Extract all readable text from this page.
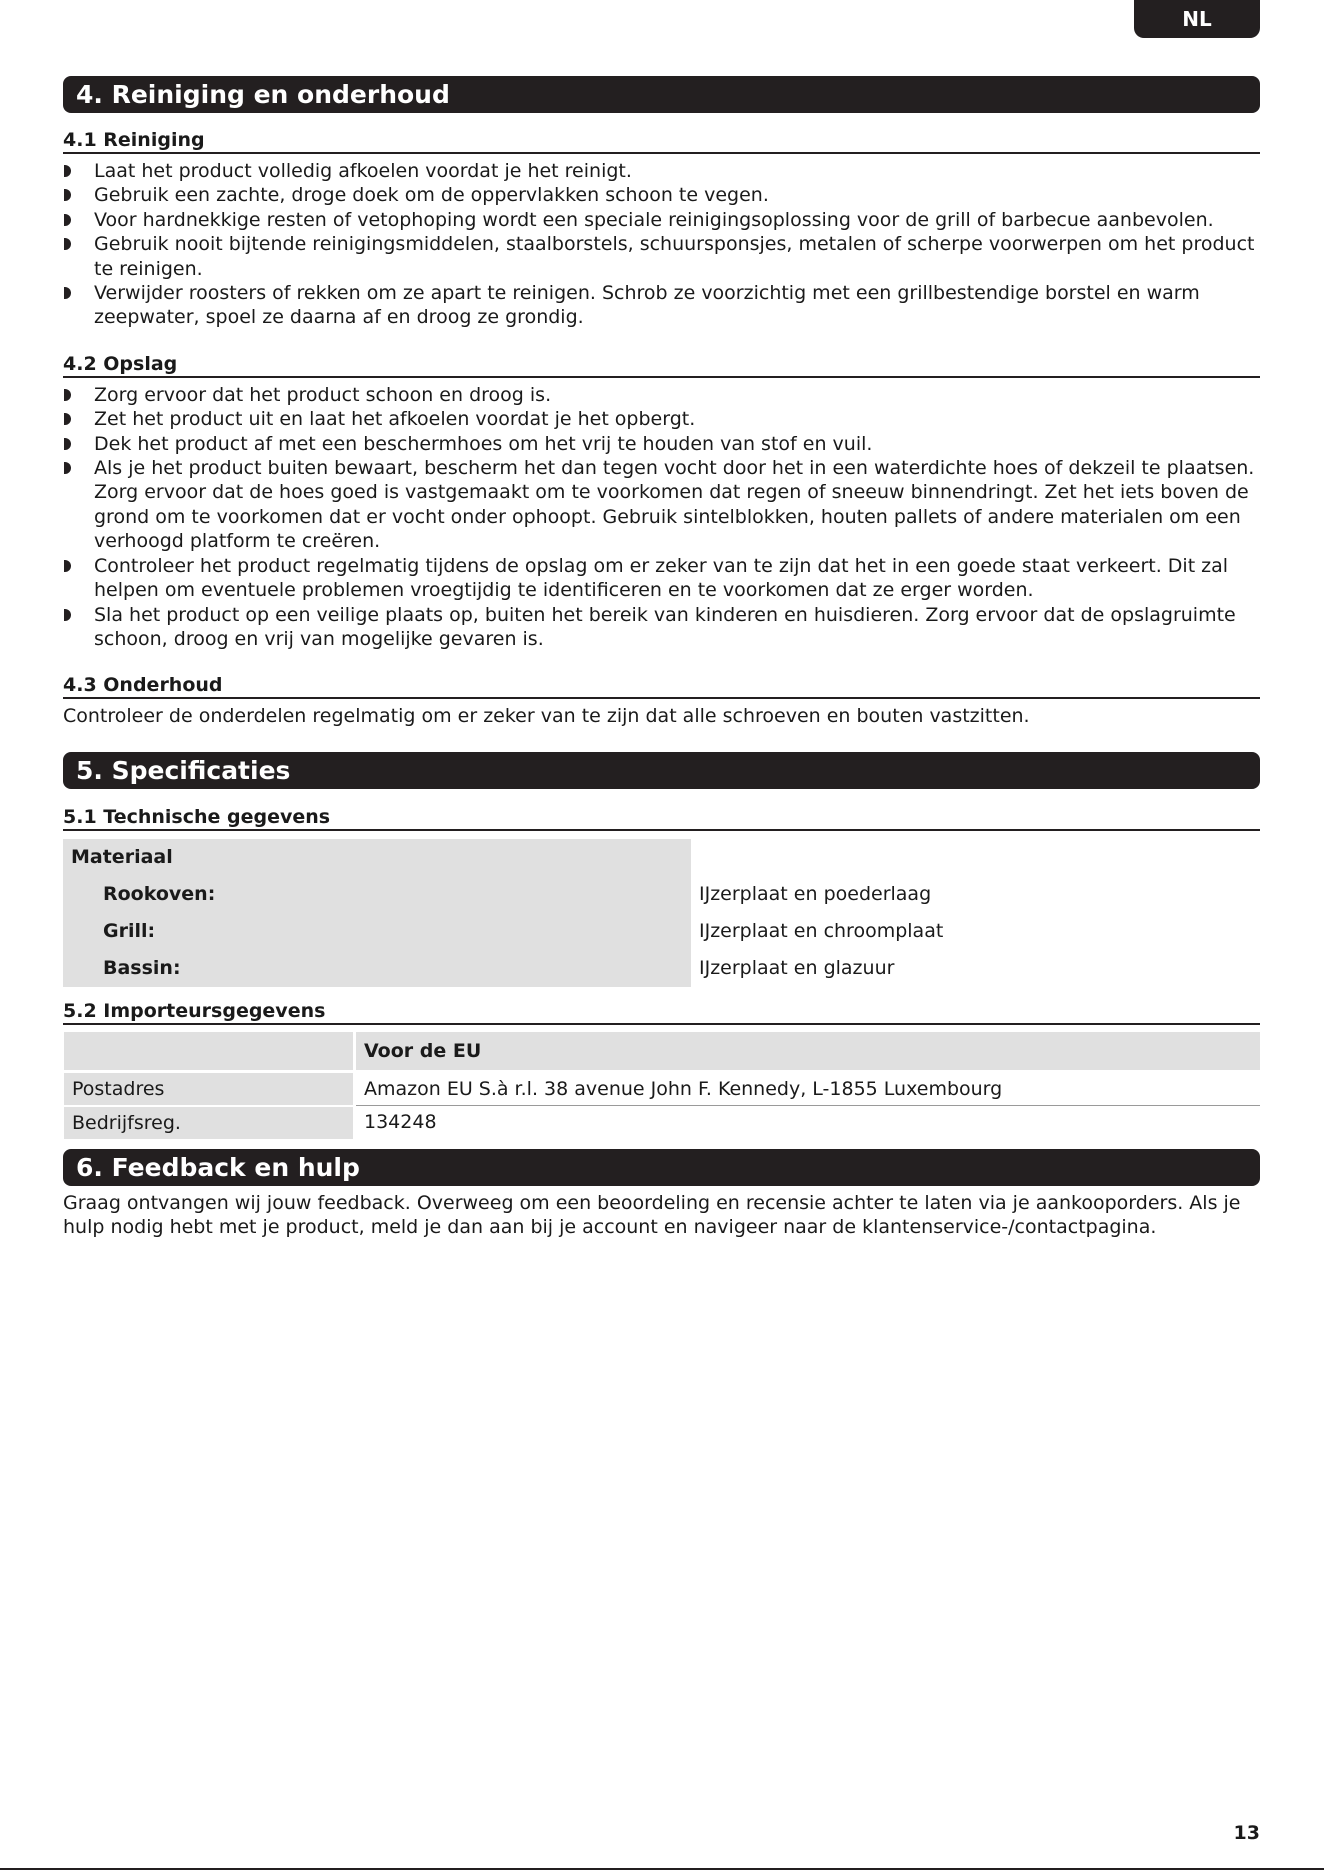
NL
4. Reiniging en onderhoud
4.1 Reiniging
Laat het product volledig afkoelen voordat je het reinigt.
Gebruik een zachte, droge doek om de oppervlakken schoon te vegen.
Voor hardnekkige resten of vetophoping wordt een speciale reinigingsoplossing voor de grill of barbecue aanbevolen.
Gebruik nooit bijtende reinigingsmiddelen, staalborstels, schuursponsjes, metalen of scherpe voorwerpen om het product te reinigen.
Verwijder roosters of rekken om ze apart te reinigen. Schrob ze voorzichtig met een grillbestendige borstel en warm zeepwater, spoel ze daarna af en droog ze grondig.
4.2 Opslag
Zorg ervoor dat het product schoon en droog is.
Zet het product uit en laat het afkoelen voordat je het opbergt.
Dek het product af met een beschermhoes om het vrij te houden van stof en vuil.
Als je het product buiten bewaart, bescherm het dan tegen vocht door het in een waterdichte hoes of dekzeil te plaatsen. Zorg ervoor dat de hoes goed is vastgemaakt om te voorkomen dat regen of sneeuw binnendringt. Zet het iets boven de grond om te voorkomen dat er vocht onder ophoopt. Gebruik sintelblokken, houten pallets of andere materialen om een verhoogd platform te creëren.
Controleer het product regelmatig tijdens de opslag om er zeker van te zijn dat het in een goede staat verkeert. Dit zal helpen om eventuele problemen vroegtijdig te identificeren en te voorkomen dat ze erger worden.
Sla het product op een veilige plaats op, buiten het bereik van kinderen en huisdieren. Zorg ervoor dat de opslagruimte schoon, droog en vrij van mogelijke gevaren is.
4.3 Onderhoud
Controleer de onderdelen regelmatig om er zeker van te zijn dat alle schroeven en bouten vastzitten.
5. Specificaties
5.1 Technische gegevens
Materiaal	
Rookoven:	IJzerplaat en poederlaag
Grill:	IJzerplaat en chroomplaat
Bassin:	IJzerplaat en glazuur
5.2 Importeursgegevens
	Voor de EU
Postadres	Amazon EU S.à r.l. 38 avenue John F. Kennedy, L-1855 Luxembourg
Bedrijfsreg.	134248
6. Feedback en hulp
Graag ontvangen wij jouw feedback. Overweeg om een beoordeling en recensie achter te laten via je aankooporders. Als je hulp nodig hebt met je product, meld je dan aan bij je account en navigeer naar de klantenservice-/contactpagina.
13
